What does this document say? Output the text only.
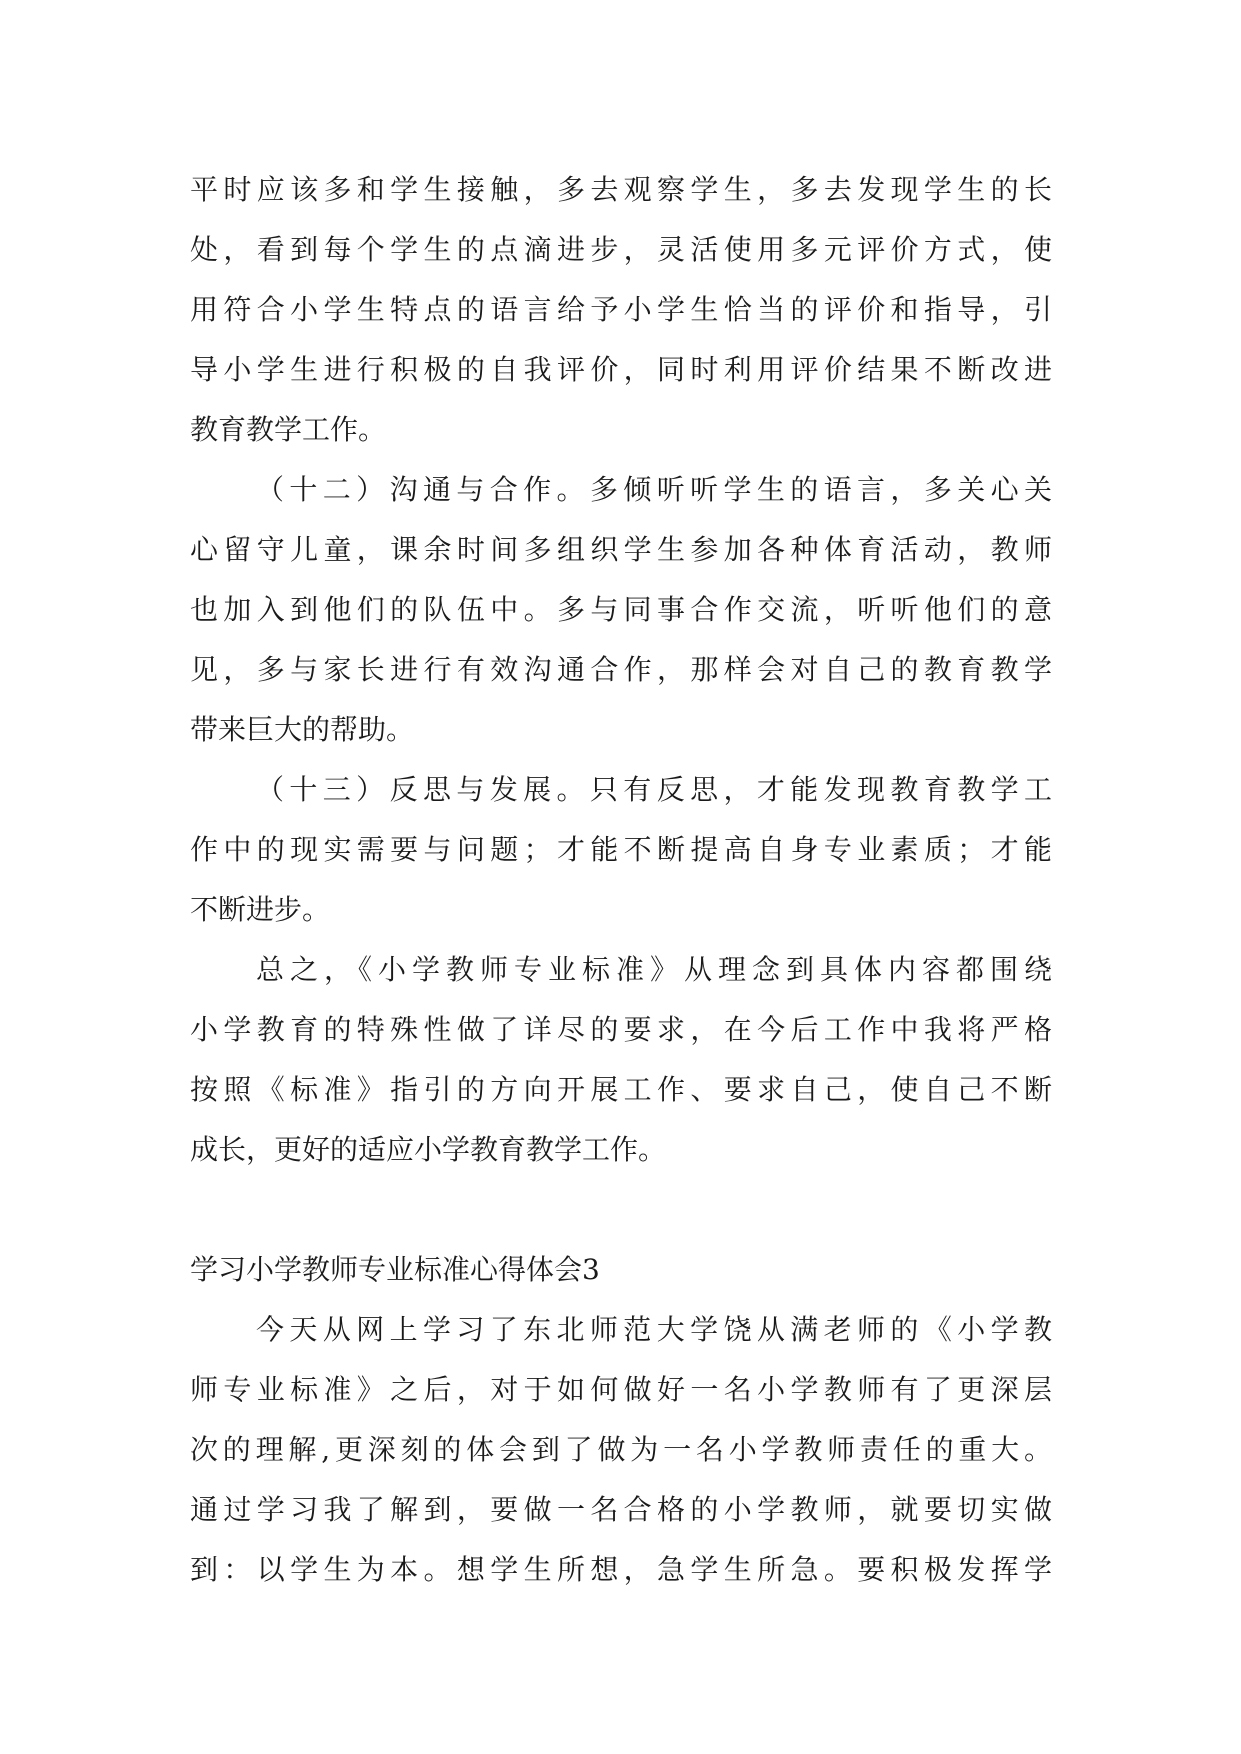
平时应该多和学生接触，多去观察学生，多去发现学生的长
处，看到每个学生的点滴进步，灵活使用多元评价方式，使
用符合小学生特点的语言给予小学生恰当的评价和指导，引
导小学生进行积极的自我评价，同时利用评价结果不断改进
教育教学工作。
（十二）沟通与合作。多倾听听学生的语言，多关心关
心留守儿童，课余时间多组织学生参加各种体育活动，教师
也加入到他们的队伍中。多与同事合作交流，听听他们的意
见，多与家长进行有效沟通合作，那样会对自己的教育教学
带来巨大的帮助。
（十三）反思与发展。只有反思，才能发现教育教学工
作中的现实需要与问题；才能不断提高自身专业素质；才能
不断进步。
总之，《小学教师专业标准》从理念到具体内容都围绕
小学教育的特殊性做了详尽的要求，在今后工作中我将严格
按照《标准》指引的方向开展工作、要求自己，使自己不断
成长，更好的适应小学教育教学工作。
学习小学教师专业标准心得体会3
今天从网上学习了东北师范大学饶从满老师的《小学教
师专业标准》之后，对于如何做好一名小学教师有了更深层
次的理解,更深刻的体会到了做为一名小学教师责任的重大。
通过学习我了解到，要做一名合格的小学教师，就要切实做
到：以学生为本。想学生所想，急学生所急。要积极发挥学
